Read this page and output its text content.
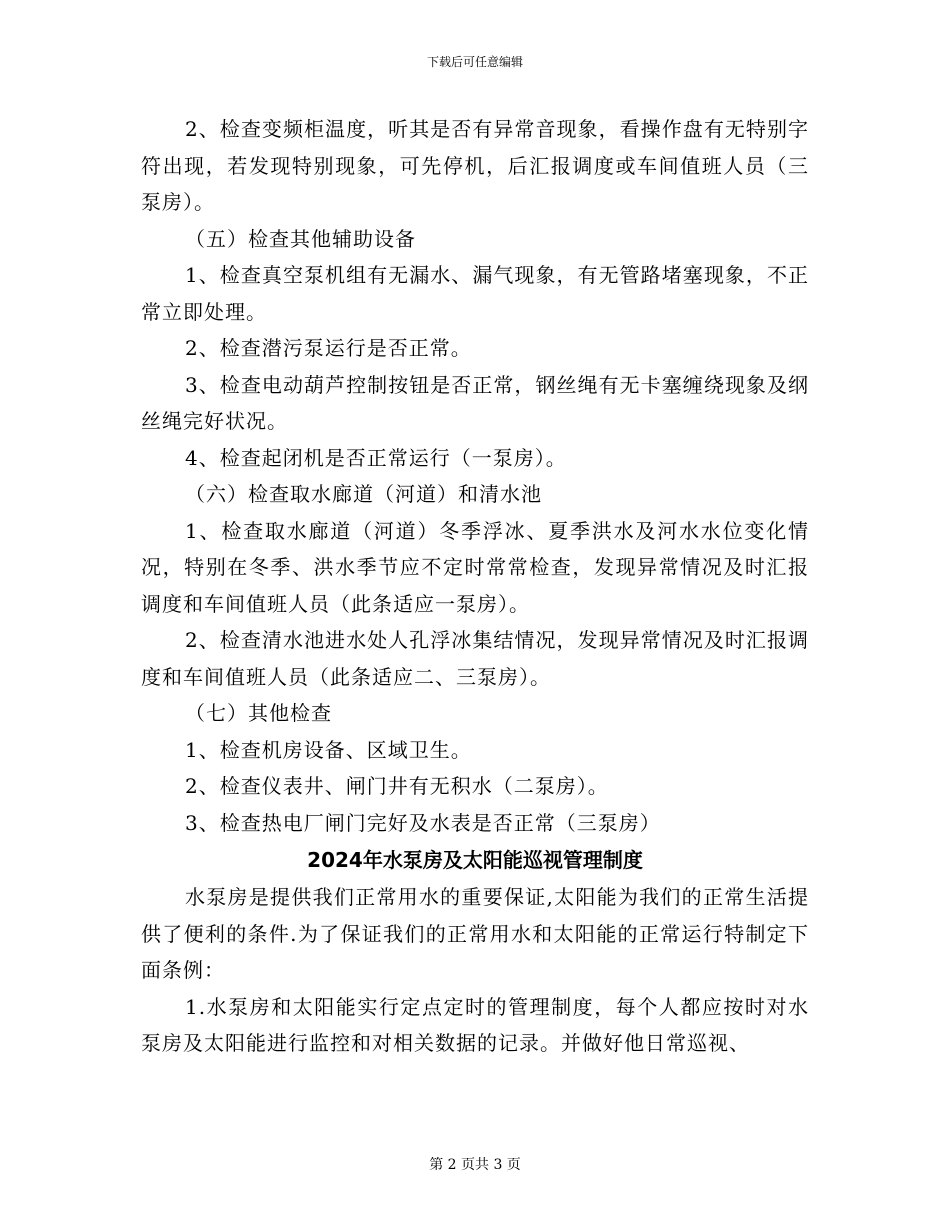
下载后可任意编辑

2、检查变频柜温度，听其是否有异常音现象，看操作盘有无特别字符出现，若发现特别现象，可先停机，后汇报调度或车间值班人员（三泵房）。

（五）检查其他辅助设备

1、检查真空泵机组有无漏水、漏气现象，有无管路堵塞现象，不正常立即处理。

2、检查潜污泵运行是否正常。

3、检查电动葫芦控制按钮是否正常，钢丝绳有无卡塞缠绕现象及纲丝绳完好状况。

4、检查起闭机是否正常运行（一泵房）。

（六）检查取水廊道（河道）和清水池

1、检查取水廊道（河道）冬季浮冰、夏季洪水及河水水位变化情况，特别在冬季、洪水季节应不定时常常检查，发现异常情况及时汇报调度和车间值班人员（此条适应一泵房）。

2、检查清水池进水处人孔浮冰集结情况，发现异常情况及时汇报调度和车间值班人员（此条适应二、三泵房）。

（七）其他检查

1、检查机房设备、区域卫生。

2、检查仪表井、闸门井有无积水（二泵房）。

3、检查热电厂闸门完好及水表是否正常（三泵房）

2024年水泵房及太阳能巡视管理制度

水泵房是提供我们正常用水的重要保证,太阳能为我们的正常生活提供了便利的条件.为了保证我们的正常用水和太阳能的正常运行特制定下面条例：

1.水泵房和太阳能实行定点定时的管理制度，每个人都应按时对水泵房及太阳能进行监控和对相关数据的记录。并做好他日常巡视、

第 2 页共 3 页
